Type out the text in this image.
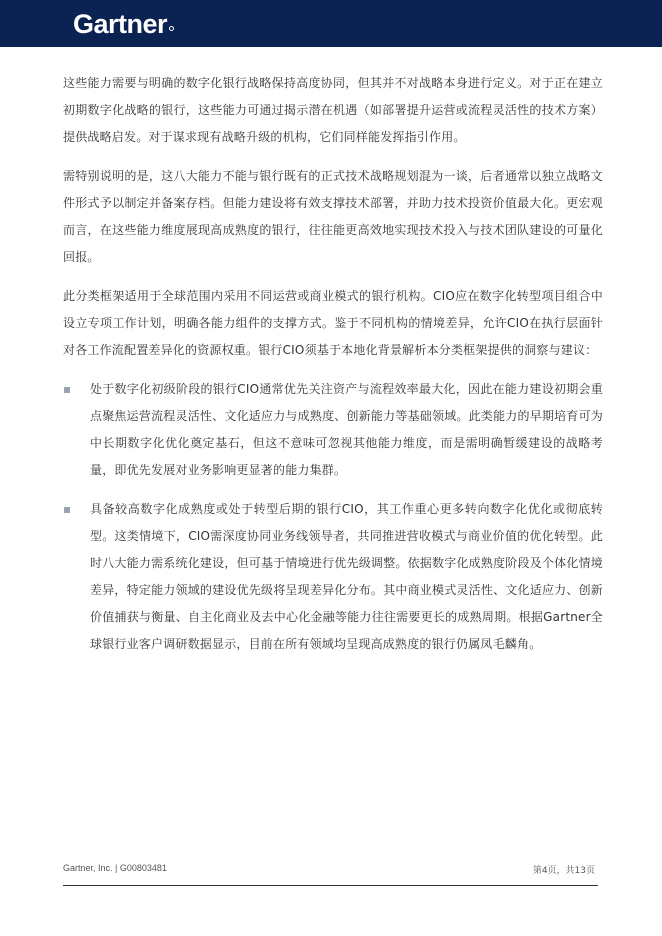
Gartner

这些能力需要与明确的数字化银行战略保持高度协同，但其并不对战略本身进行定义。对于正在建立初期数字化战略的银行，这些能力可通过揭示潜在机遇（如部署提升运营或流程灵活性的技术方案）提供战略启发。对于谋求现有战略升级的机构，它们同样能发挥指引作用。

需特别说明的是，这八大能力不能与银行既有的正式技术战略规划混为一谈，后者通常以独立战略文件形式予以制定并备案存档。但能力建设将有效支撑技术部署，并助力技术投资价值最大化。更宏观而言，在这些能力维度展现高成熟度的银行，往往能更高效地实现技术投入与技术团队建设的可量化回报。

此分类框架适用于全球范围内采用不同运营或商业模式的银行机构。CIO应在数字化转型项目组合中设立专项工作计划，明确各能力组件的支撑方式。鉴于不同机构的情境差异，允许CIO在执行层面针对各工作流配置差异化的资源权重。银行CIO须基于本地化背景解析本分类框架提供的洞察与建议：

处于数字化初级阶段的银行CIO通常优先关注资产与流程效率最大化，因此在能力建设初期会重点聚焦运营流程灵活性、文化适应力与成熟度、创新能力等基础领域。此类能力的早期培育可为中长期数字化优化奠定基石，但这不意味可忽视其他能力维度，而是需明确暂缓建设的战略考量，即优先发展对业务影响更显著的能力集群。
具备较高数字化成熟度或处于转型后期的银行CIO，其工作重心更多转向数字化优化或彻底转型。这类情境下，CIO需深度协同业务线领导者，共同推进营收模式与商业价值的优化转型。此时八大能力需系统化建设，但可基于情境进行优先级调整。依据数字化成熟度阶段及个体化情境差异，特定能力领域的建设优先级将呈现差异化分布。其中商业模式灵活性、文化适应力、创新价值捕获与衡量、自主化商业及去中心化金融等能力往往需要更长的成熟周期。根据Gartner全球银行业客户调研数据显示，目前在所有领域均呈现高成熟度的银行仍属凤毛麟角。
Gartner, Inc. | G00803481	第4页，共13页
